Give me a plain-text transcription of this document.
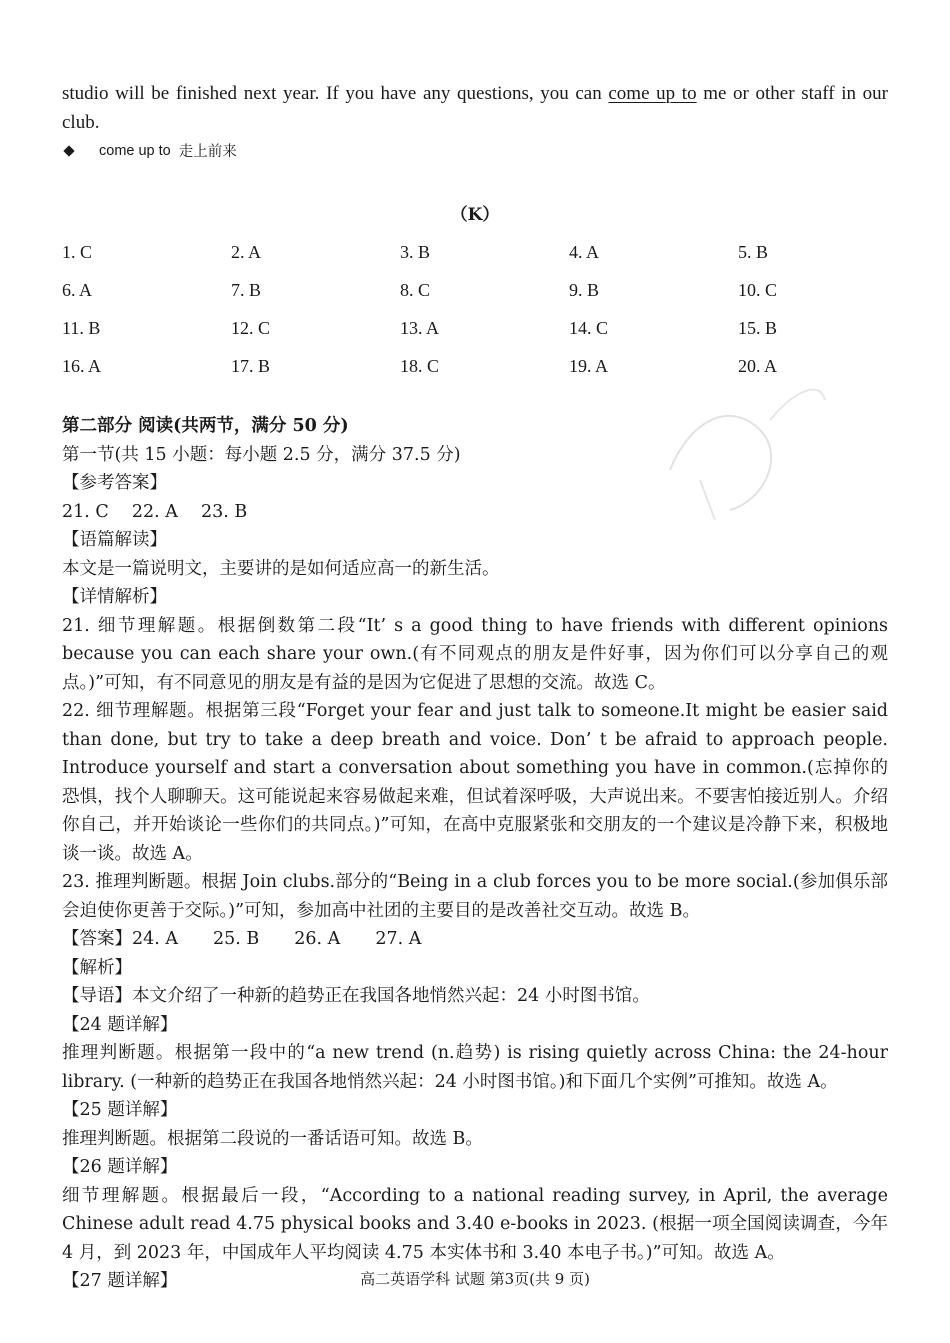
studio will be finished next year. If you have any questions, you can come up to me or other staff in our club.
come up to 走上前来
（K）
1. C	2. A	3. B	4. A	5. B
6. A	7. B	8. C	9. B	10. C
11. B	12. C	13. A	14. C	15. B
16. A	17. B	18. C	19. A	20. A
第二部分 阅读(共两节，满分 50 分)
第一节(共 15 小题：每小题 2.5 分，满分 37.5 分)
【参考答案】
21. C　 22. A　 23. B
【语篇解读】
本文是一篇说明文，主要讲的是如何适应高一的新生活。
【详情解析】
21. 细节理解题。根据倒数第二段“It’ s a good thing to have friends with different opinions because you can each share your own.(有不同观点的朋友是件好事，因为你们可以分享自己的观点。)”可知，有不同意见的朋友是有益的是因为它促进了思想的交流。故选 C。
22. 细节理解题。根据第三段“Forget your fear and just talk to someone.It might be easier said than done, but try to take a deep breath and voice. Don’ t be afraid to approach people. Introduce yourself and start a conversation about something you have in common.(忘掉你的恐惧，找个人聊聊天。这可能说起来容易做起来难，但试着深呼吸，大声说出来。不要害怕接近别人。介绍你自己，并开始谈论一些你们的共同点。)”可知，在高中克服紧张和交朋友的一个建议是冷静下来，积极地谈一谈。故选 A。
23. 推理判断题。根据 Join clubs.部分的“Being in a club forces you to be more social.(参加俱乐部会迫使你更善于交际。)”可知，参加高中社团的主要目的是改善社交互动。故选 B。
【答案】24. A　　25. B　　26. A　　27. A
【解析】
【导语】本文介绍了一种新的趋势正在我国各地悄然兴起：24 小时图书馆。
【24 题详解】
推理判断题。根据第一段中的“a new trend (n.趋势) is rising quietly across China: the 24-hour library. (一种新的趋势正在我国各地悄然兴起：24 小时图书馆。)和下面几个实例”可推知。故选 A。
【25 题详解】
推理判断题。根据第二段说的一番话语可知。故选 B。
【26 题详解】
细节理解题。根据最后一段，“According to a national reading survey, in April, the average Chinese adult read 4.75 physical books and 3.40 e-books in 2023. (根据一项全国阅读调查，今年 4 月，到 2023 年，中国成年人平均阅读 4.75 本实体书和 3.40 本电子书。)”可知。故选 A。
【27 题详解】	高二英语学科 试题 第3页(共 9 页)
